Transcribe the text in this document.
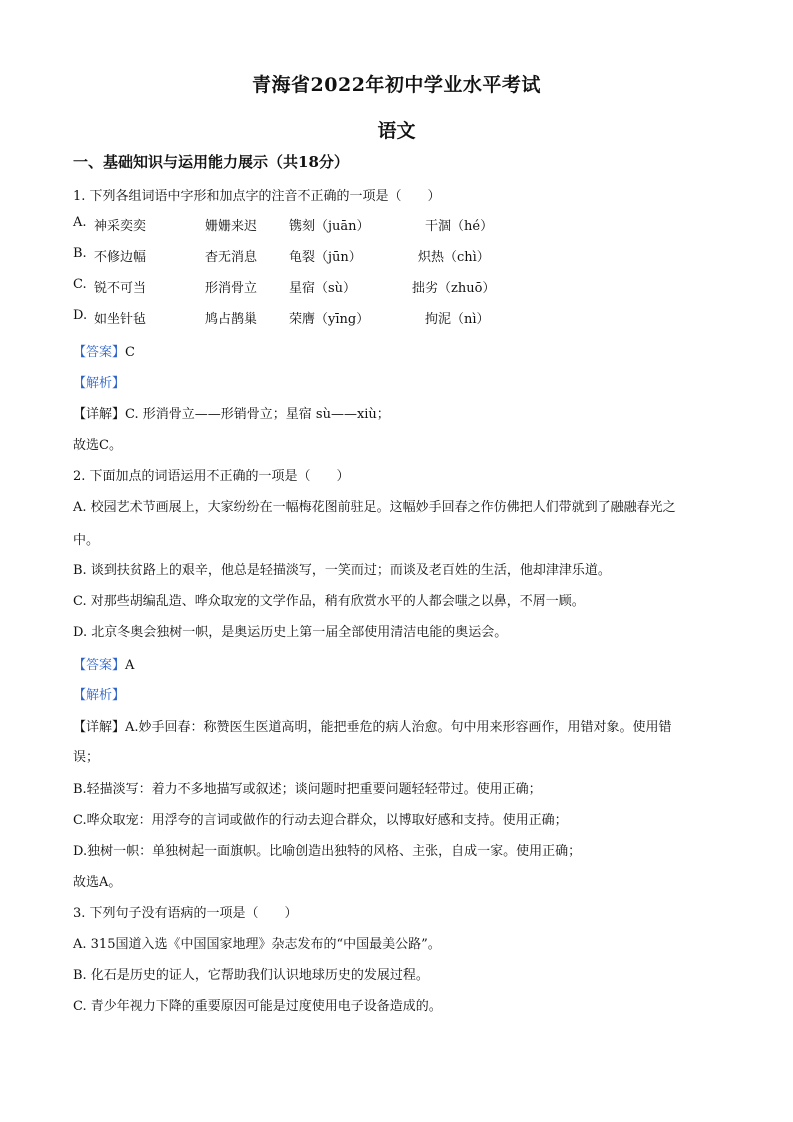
青海省2022年初中学业水平考试
语文
一、基础知识与运用能力展示（共18分）
1. 下列各组词语中字形和加点字的注音不正确的一项是（　　）
A. 神采奕奕	姗姗来迟 镌刻（juān）	干涸（hé）
B. 不修边幅	杳无消息 龟裂（jūn）	炽热（chì）
C. 锐不可当	形消骨立 星宿（sù）	拙劣（zhuō）
D. 如坐针毡	鸠占鹊巢 荣膺（yīng）	拘泥（nì）
【答案】C
【解析】
【详解】C. 形消骨立——形销骨立；星宿 sù——xiù；
故选C。
2. 下面加点的词语运用不正确的一项是（　　）
A. 校园艺术节画展上，大家纷纷在一幅梅花图前驻足。这幅妙手回春之作仿佛把人们带就到了融融春光之
中。
B. 谈到扶贫路上的艰辛，他总是轻描淡写，一笑而过；而谈及老百姓的生活，他却津津乐道。
C. 对那些胡编乱造、哗众取宠的文学作品，稍有欣赏水平的人都会嗤之以鼻，不屑一顾。
D. 北京冬奥会独树一帜，是奥运历史上第一届全部使用清洁电能的奥运会。
【答案】A
【解析】
【详解】A.妙手回春：称赞医生医道高明，能把垂危的病人治愈。句中用来形容画作，用错对象。使用错
误；
B.轻描淡写：着力不多地描写或叙述；谈问题时把重要问题轻轻带过。使用正确；
C.哗众取宠：用浮夸的言词或做作的行动去迎合群众，以博取好感和支持。使用正确；
D.独树一帜：单独树起一面旗帜。比喻创造出独特的风格、主张，自成一家。使用正确；
故选A。
3. 下列句子没有语病的一项是（　　）
A. 315国道入选《中国国家地理》杂志发布的“中国最美公路”。
B. 化石是历史的证人，它帮助我们认识地球历史的发展过程。
C. 青少年视力下降的重要原因可能是过度使用电子设备造成的。
